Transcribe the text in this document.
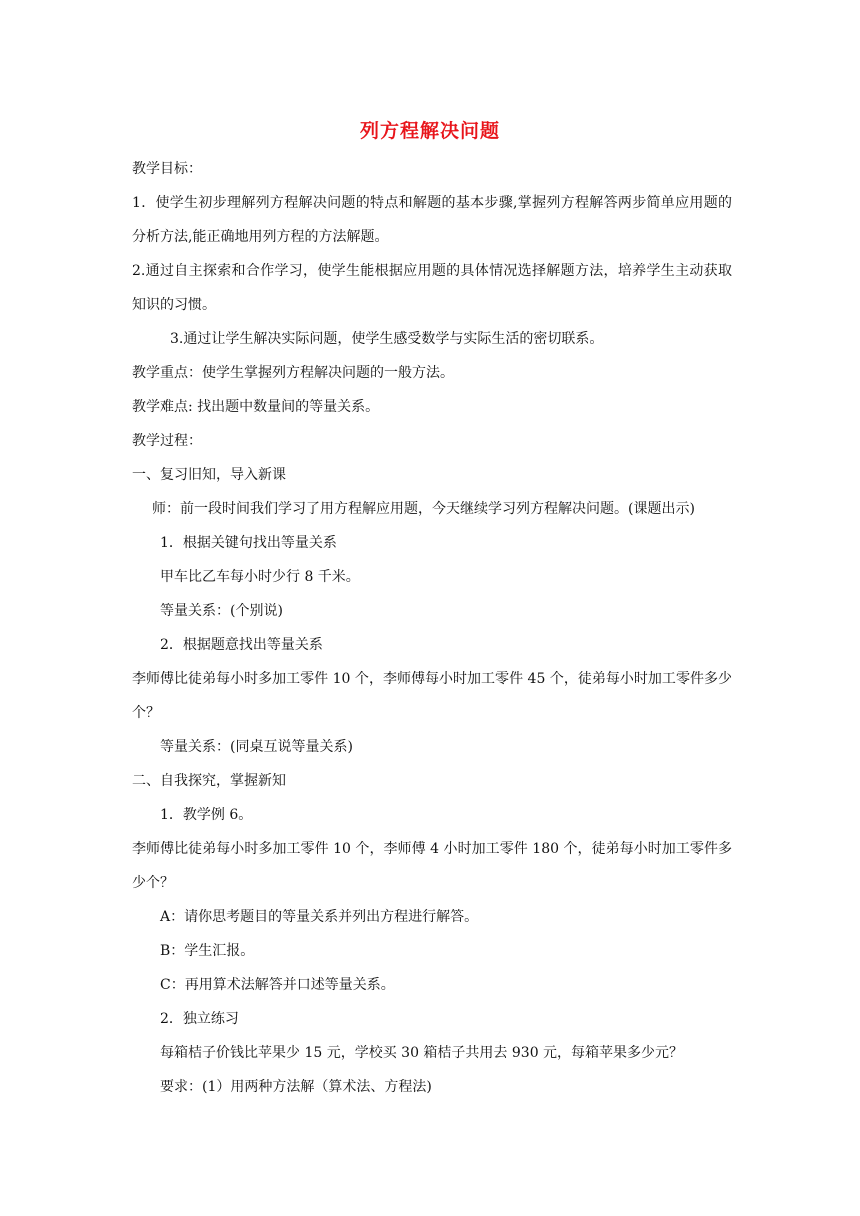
列方程解决问题
教学目标：
1．使学生初步理解列方程解决问题的特点和解题的基本步骤,掌握列方程解答两步简单应用题的分析方法,能正确地用列方程的方法解题。
2.通过自主探索和合作学习，使学生能根据应用题的具体情况选择解题方法，培养学生主动获取知识的习惯。
3.通过让学生解决实际问题，使学生感受数学与实际生活的密切联系。
教学重点：使学生掌握列方程解决问题的一般方法。
教学难点: 找出题中数量间的等量关系。
教学过程：
一、复习旧知，导入新课
师：前一段时间我们学习了用方程解应用题，今天继续学习列方程解决问题。(课题出示)
1．根据关键句找出等量关系
甲车比乙车每小时少行 8 千米。
等量关系：(个别说)
2．根据题意找出等量关系
李师傅比徒弟每小时多加工零件 10 个，李师傅每小时加工零件 45 个，徒弟每小时加工零件多少个？
等量关系：(同桌互说等量关系)
二、自我探究，掌握新知
1．教学例 6。
李师傅比徒弟每小时多加工零件 10 个，李师傅 4 小时加工零件 180 个，徒弟每小时加工零件多少个？
A：请你思考题目的等量关系并列出方程进行解答。
B：学生汇报。
C：再用算术法解答并口述等量关系。
2．独立练习
每箱桔子价钱比苹果少 15 元，学校买 30 箱桔子共用去 930 元，每箱苹果多少元？
要求：(1）用两种方法解（算术法、方程法)
